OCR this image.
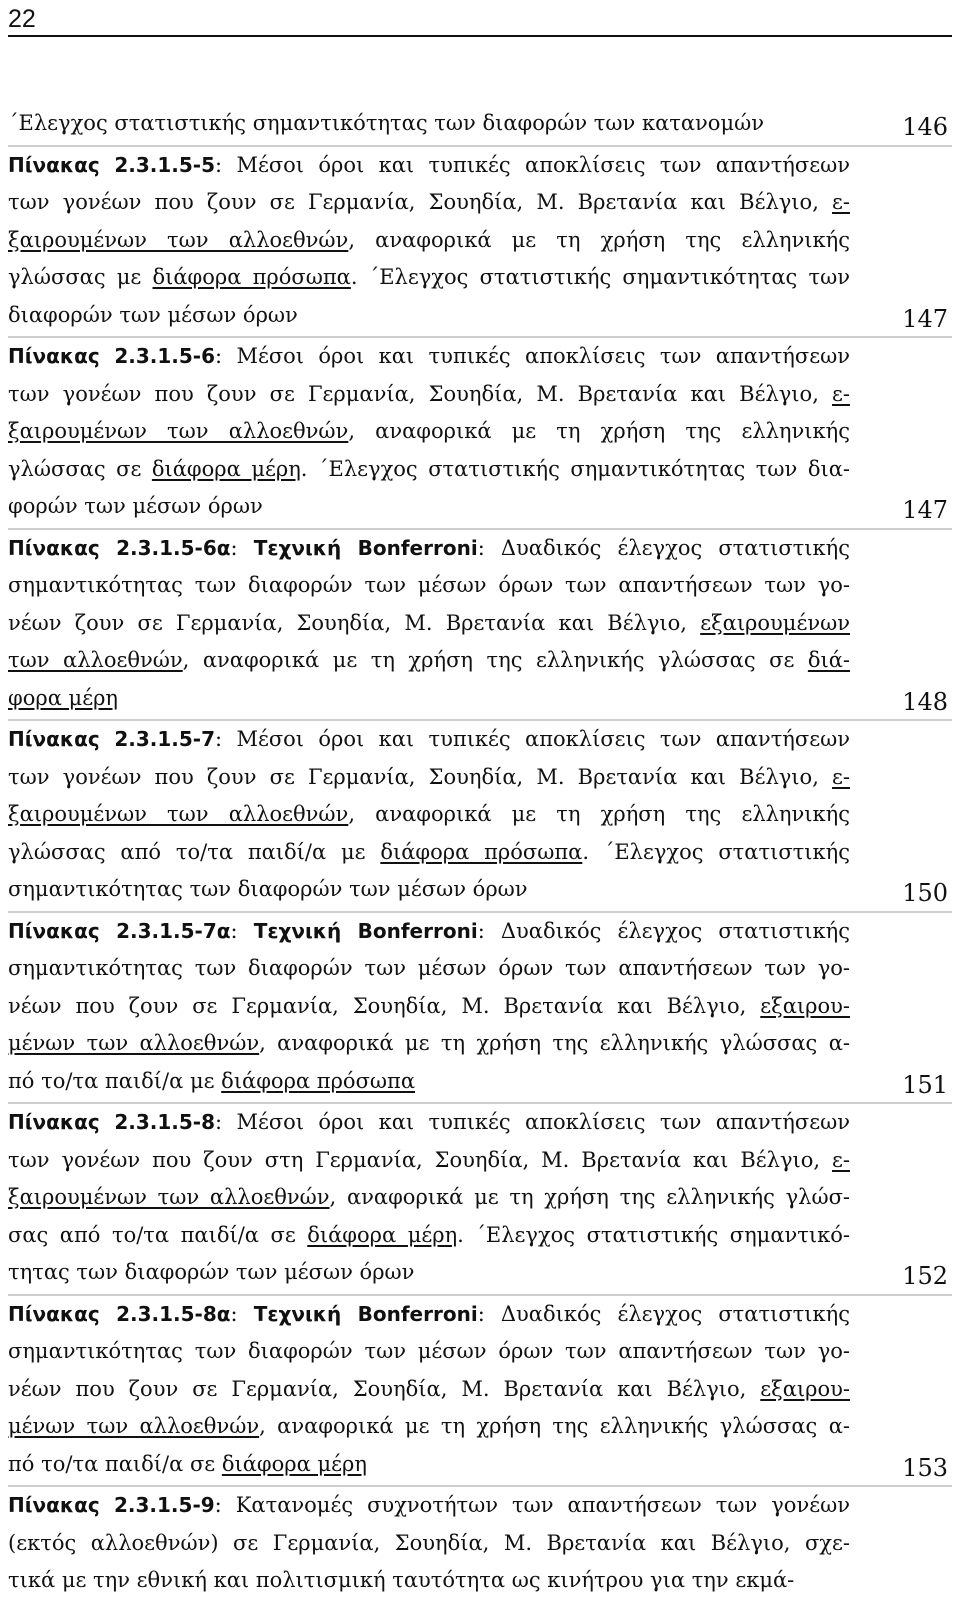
22
΄Ελεγχος στατιστικής σημαντικότητας των διαφορών των κατανομών	146
Πίνακας 2.3.1.5-5: Μέσοι όροι και τυπικές αποκλίσεις των απαντήσεων
των γονέων που ζουν σε Γερμανία, Σουηδία, Μ. Βρετανία και Βέλγιο, ε-
ξαιρουμένων των αλλοεθνών, αναφορικά με τη χρήση της ελληνικής
γλώσσας με διάφορα πρόσωπα. ΄Ελεγχος στατιστικής σημαντικότητας των
διαφορών των μέσων όρων	147
Πίνακας 2.3.1.5-6: Μέσοι όροι και τυπικές αποκλίσεις των απαντήσεων
των γονέων που ζουν σε Γερμανία, Σουηδία, Μ. Βρετανία και Βέλγιο, ε-
ξαιρουμένων των αλλοεθνών, αναφορικά με τη χρήση της ελληνικής
γλώσσας σε διάφορα μέρη. ΄Ελεγχος στατιστικής σημαντικότητας των δια-
φορών των μέσων όρων	147
Πίνακας 2.3.1.5-6α: Τεχνική Bonferroni: Δυαδικός έλεγχος στατιστικής
σημαντικότητας των διαφορών των μέσων όρων των απαντήσεων των γο-
νέων ζουν σε Γερμανία, Σουηδία, Μ. Βρετανία και Βέλγιο, εξαιρουμένων
των αλλοεθνών, αναφορικά με τη χρήση της ελληνικής γλώσσας σε διά-
φορα μέρη	148
Πίνακας 2.3.1.5-7: Μέσοι όροι και τυπικές αποκλίσεις των απαντήσεων
των γονέων που ζουν σε Γερμανία, Σουηδία, Μ. Βρετανία και Βέλγιο, ε-
ξαιρουμένων των αλλοεθνών, αναφορικά με τη χρήση της ελληνικής
γλώσσας από το/τα παιδί/α με διάφορα πρόσωπα. ΄Ελεγχος στατιστικής
σημαντικότητας των διαφορών των μέσων όρων	150
Πίνακας 2.3.1.5-7α: Τεχνική Bonferroni: Δυαδικός έλεγχος στατιστικής
σημαντικότητας των διαφορών των μέσων όρων των απαντήσεων των γο-
νέων που ζουν σε Γερμανία, Σουηδία, Μ. Βρετανία και Βέλγιο, εξαιρου-
μένων των αλλοεθνών, αναφορικά με τη χρήση της ελληνικής γλώσσας α-
πό το/τα παιδί/α με διάφορα πρόσωπα	151
Πίνακας 2.3.1.5-8: Μέσοι όροι και τυπικές αποκλίσεις των απαντήσεων
των γονέων που ζουν στη Γερμανία, Σουηδία, Μ. Βρετανία και Βέλγιο, ε-
ξαιρουμένων των αλλοεθνών, αναφορικά με τη χρήση της ελληνικής γλώσ-
σας από το/τα παιδί/α σε διάφορα μέρη. ΄Ελεγχος στατιστικής σημαντικό-
τητας των διαφορών των μέσων όρων	152
Πίνακας 2.3.1.5-8α: Τεχνική Bonferroni: Δυαδικός έλεγχος στατιστικής
σημαντικότητας των διαφορών των μέσων όρων των απαντήσεων των γο-
νέων που ζουν σε Γερμανία, Σουηδία, Μ. Βρετανία και Βέλγιο, εξαιρου-
μένων των αλλοεθνών, αναφορικά με τη χρήση της ελληνικής γλώσσας α-
πό το/τα παιδί/α σε διάφορα μέρη	153
Πίνακας 2.3.1.5-9: Κατανομές συχνοτήτων των απαντήσεων των γονέων
(εκτός αλλοεθνών) σε Γερμανία, Σουηδία, Μ. Βρετανία και Βέλγιο, σχε-
τικά με την εθνική και πολιτισμική ταυτότητα ως κινήτρου για την εκμά-
